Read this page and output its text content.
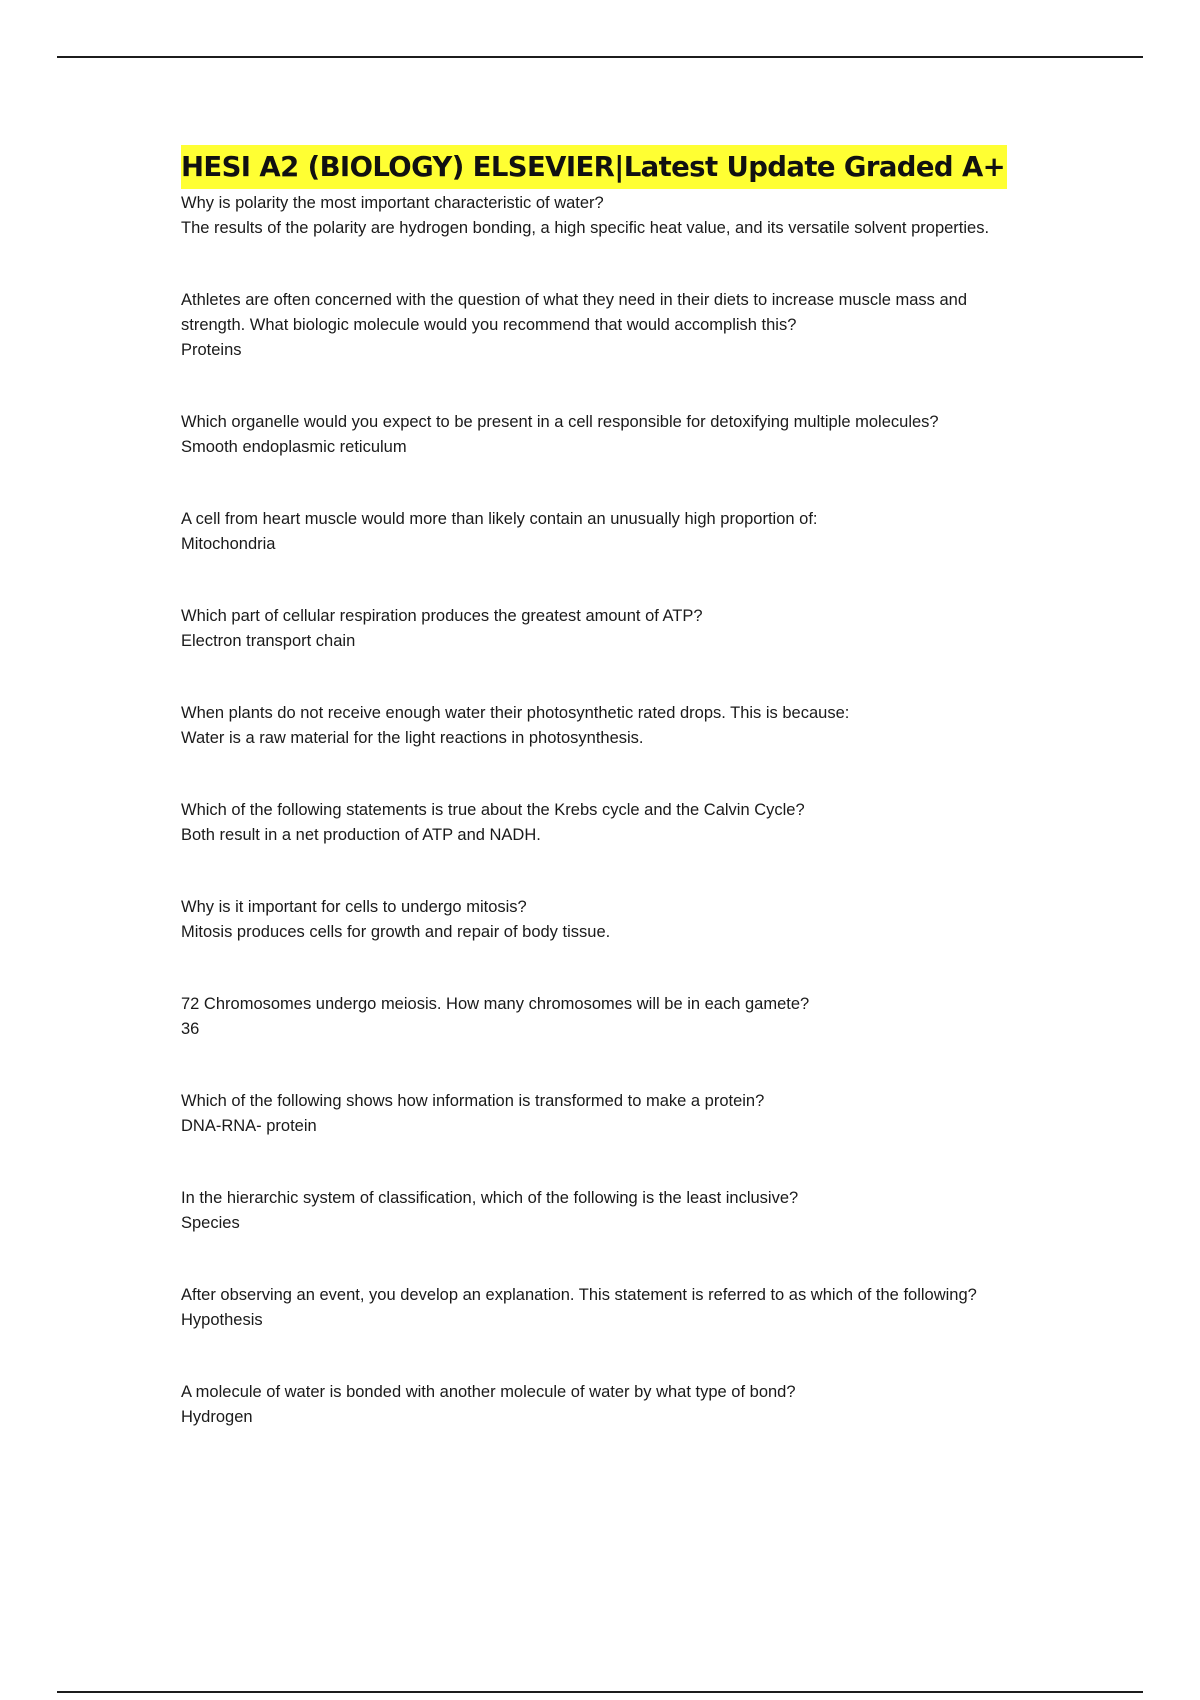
HESI A2 (BIOLOGY) ELSEVIER|Latest Update Graded A+

Why is polarity the most important characteristic of water?

The results of the polarity are hydrogen bonding, a high specific heat value, and its versatile solvent properties.

Athletes are often concerned with the question of what they need in their diets to increase muscle mass and strength. What biologic molecule would you recommend that would accomplish this?

Proteins

Which organelle would you expect to be present in a cell responsible for detoxifying multiple molecules?

Smooth endoplasmic reticulum

A cell from heart muscle would more than likely contain an unusually high proportion of:

Mitochondria

Which part of cellular respiration produces the greatest amount of ATP?

Electron transport chain

When plants do not receive enough water their photosynthetic rated drops. This is because:

Water is a raw material for the light reactions in photosynthesis.

Which of the following statements is true about the Krebs cycle and the Calvin Cycle?

Both result in a net production of ATP and NADH.

Why is it important for cells to undergo mitosis?

Mitosis produces cells for growth and repair of body tissue.

72 Chromosomes undergo meiosis. How many chromosomes will be in each gamete?

36

Which of the following shows how information is transformed to make a protein?

DNA-RNA- protein

In the hierarchic system of classification, which of the following is the least inclusive?

Species

After observing an event, you develop an explanation. This statement is referred to as which of the following?

Hypothesis

A molecule of water is bonded with another molecule of water by what type of bond?

Hydrogen
